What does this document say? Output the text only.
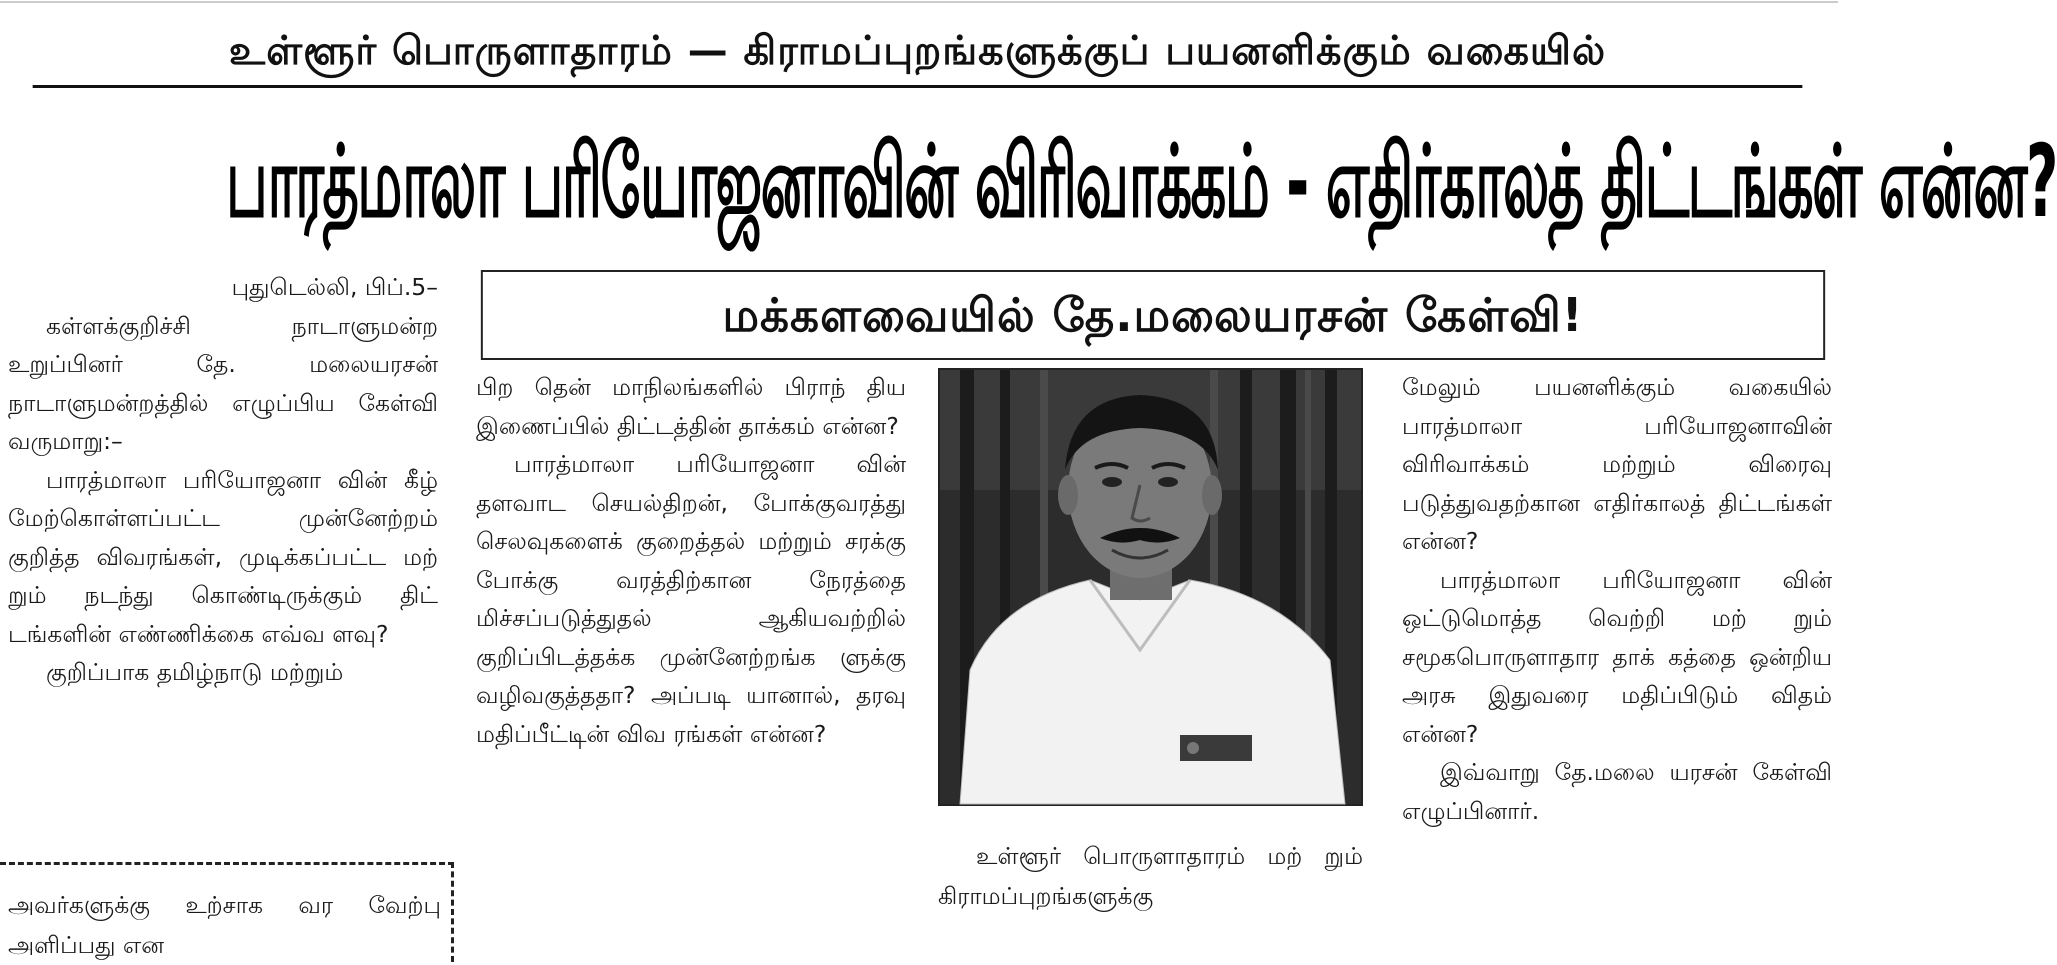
உள்ளூர் பொருளாதாரம் — கிராமப்புறங்களுக்குப் பயனளிக்கும் வகையில்
பாரத்மாலா பரியோஜனாவின் விரிவாக்கம் - எதிர்காலத் திட்டங்கள் என்ன?
மக்களவையில் தே.மலையரசன் கேள்வி!

புதுடெல்லி, பிப்.5–

கள்ளக்குறிச்சி நாடாளுமன்ற உறுப்பினர் தே. மலையரசன் நாடாளுமன்றத்தில் எழுப்பிய கேள்வி வருமாறு:–

பாரத்மாலா பரியோஜனா வின் கீழ் மேற்கொள்ளப்பட்ட முன்னேற்றம் குறித்த விவரங்கள், முடிக்கப்பட்ட மற் றும் நடந்து கொண்டிருக்கும் திட் டங்களின் எண்ணிக்கை எவ்வ ளவு?

குறிப்பாக தமிழ்நாடு மற்றும்

அவர்களுக்கு உற்சாக வர வேற்பு அளிப்பது என

பிற தென் மாநிலங்களில் பிராந் திய இணைப்பில் திட்டத்தின் தாக்கம் என்ன?

பாரத்மாலா பரியோஜனா வின் தளவாட செயல்திறன், போக்குவரத்து செலவுகளைக் குறைத்தல் மற்றும் சரக்கு போக்கு வரத்திற்கான நேரத்தை மிச்சப்படுத்துதல் ஆகியவற்றில் குறிப்பிடத்தக்க முன்னேற்றங்க ளுக்கு வழிவகுத்ததா? அப்படி யானால், தரவு மதிப்பீட்டின் விவ ரங்கள் என்ன?

உள்ளூர் பொருளாதாரம் மற் றும் கிராமப்புறங்களுக்கு

மேலும் பயனளிக்கும் வகையில் பாரத்மாலா பரியோஜனாவின் விரிவாக்கம் மற்றும் விரைவு படுத்துவதற்கான எதிர்காலத் திட்டங்கள் என்ன?

பாரத்மாலா பரியோஜனா வின் ஒட்டுமொத்த வெற்றி மற் றும் சமூகபொருளாதார தாக் கத்தை ஒன்றிய அரசு இதுவரை மதிப்பிடும் விதம் என்ன?

இவ்வாறு தே.மலை யரசன் கேள்வி எழுப்பினார்.
